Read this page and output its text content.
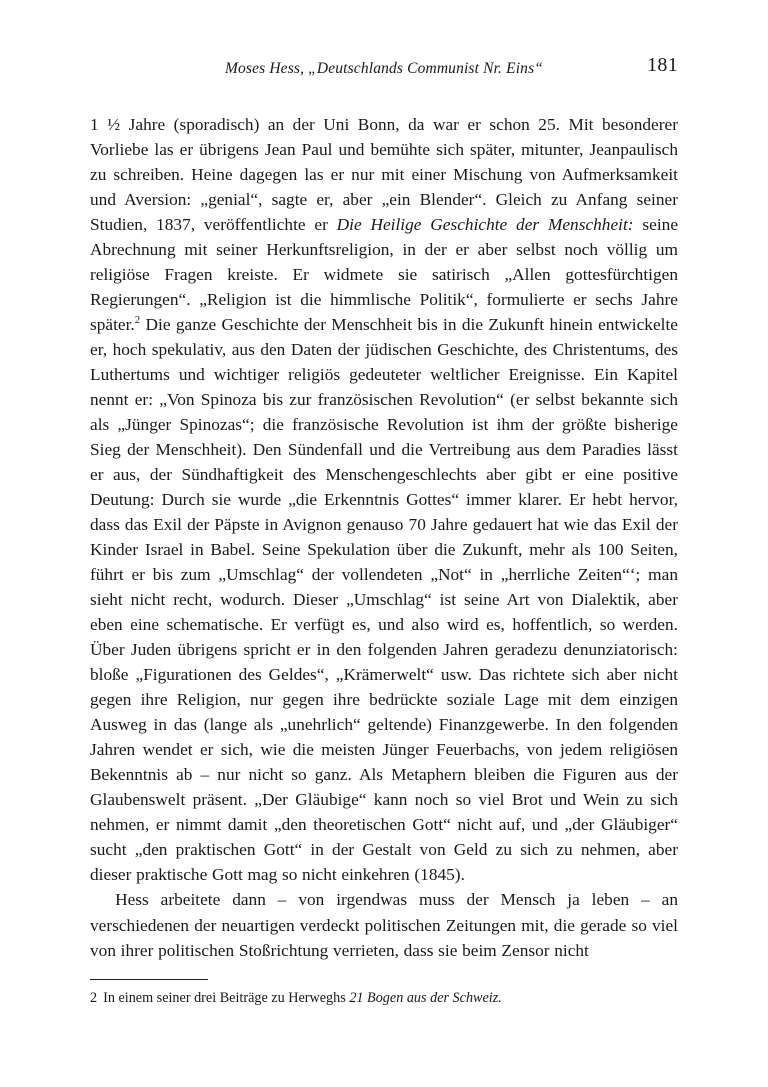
Moses Hess, „Deutschlands Communist Nr. Eins“	181

1 ½ Jahre (sporadisch) an der Uni Bonn, da war er schon 25. Mit besonderer Vorliebe las er übrigens Jean Paul und bemühte sich später, mitunter, Jeanpaulisch zu schreiben. Heine dagegen las er nur mit einer Mischung von Aufmerksamkeit und Aversion: „genial“, sagte er, aber „ein Blender“. Gleich zu Anfang seiner Studien, 1837, veröffentlichte er Die Heilige Geschichte der Menschheit: seine Abrechnung mit seiner Herkunftsreligion, in der er aber selbst noch völlig um religiöse Fragen kreiste. Er widmete sie satirisch „Allen gottesfürchtigen Regierungen“. „Religion ist die himmlische Politik“, formulierte er sechs Jahre später.$^2$ Die ganze Geschichte der Menschheit bis in die Zukunft hinein entwickelte er, hoch spekulativ, aus den Daten der jüdischen Geschichte, des Christentums, des Luthertums und wichtiger religiös gedeuteter weltlicher Ereignisse. Ein Kapitel nennt er: „Von Spinoza bis zur französischen Revolution“ (er selbst bekannte sich als „Jünger Spinozas“; die französische Revolution ist ihm der größte bisherige Sieg der Menschheit). Den Sündenfall und die Vertreibung aus dem Paradies lässt er aus, der Sündhaftigkeit des Menschengeschlechts aber gibt er eine positive Deutung: Durch sie wurde „die Erkenntnis Gottes“ immer klarer. Er hebt hervor, dass das Exil der Päpste in Avignon genauso 70 Jahre gedauert hat wie das Exil der Kinder Israel in Babel. Seine Spekulation über die Zukunft, mehr als 100 Seiten, führt er bis zum „Umschlag“ der vollendeten „Not“ in „herrliche Zeiten“‘; man sieht nicht recht, wodurch. Dieser „Umschlag“ ist seine Art von Dialektik, aber eben eine schematische. Er verfügt es, und also wird es, hoffentlich, so werden. Über Juden übrigens spricht er in den folgenden Jahren geradezu denunziatorisch: bloße „Figurationen des Geldes“, „Krämerwelt“ usw. Das richtete sich aber nicht gegen ihre Religion, nur gegen ihre bedrückte soziale Lage mit dem einzigen Ausweg in das (lange als „unehrlich“ geltende) Finanzgewerbe. In den folgenden Jahren wendet er sich, wie die meisten Jünger Feuerbachs, von jedem religiösen Bekenntnis ab – nur nicht so ganz. Als Metaphern bleiben die Figuren aus der Glaubenswelt präsent. „Der Gläubige“ kann noch so viel Brot und Wein zu sich nehmen, er nimmt damit „den theoretischen Gott“ nicht auf, und „der Gläubiger“ sucht „den praktischen Gott“ in der Gestalt von Geld zu sich zu nehmen, aber dieser praktische Gott mag so nicht einkehren (1845).

Hess arbeitete dann – von irgendwas muss der Mensch ja leben – an verschiedenen der neuartigen verdeckt politischen Zeitungen mit, die gerade so viel von ihrer politischen Stoßrichtung verrieten, dass sie beim Zensor nicht

2 In einem seiner drei Beiträge zu Herweghs 21 Bogen aus der Schweiz.
